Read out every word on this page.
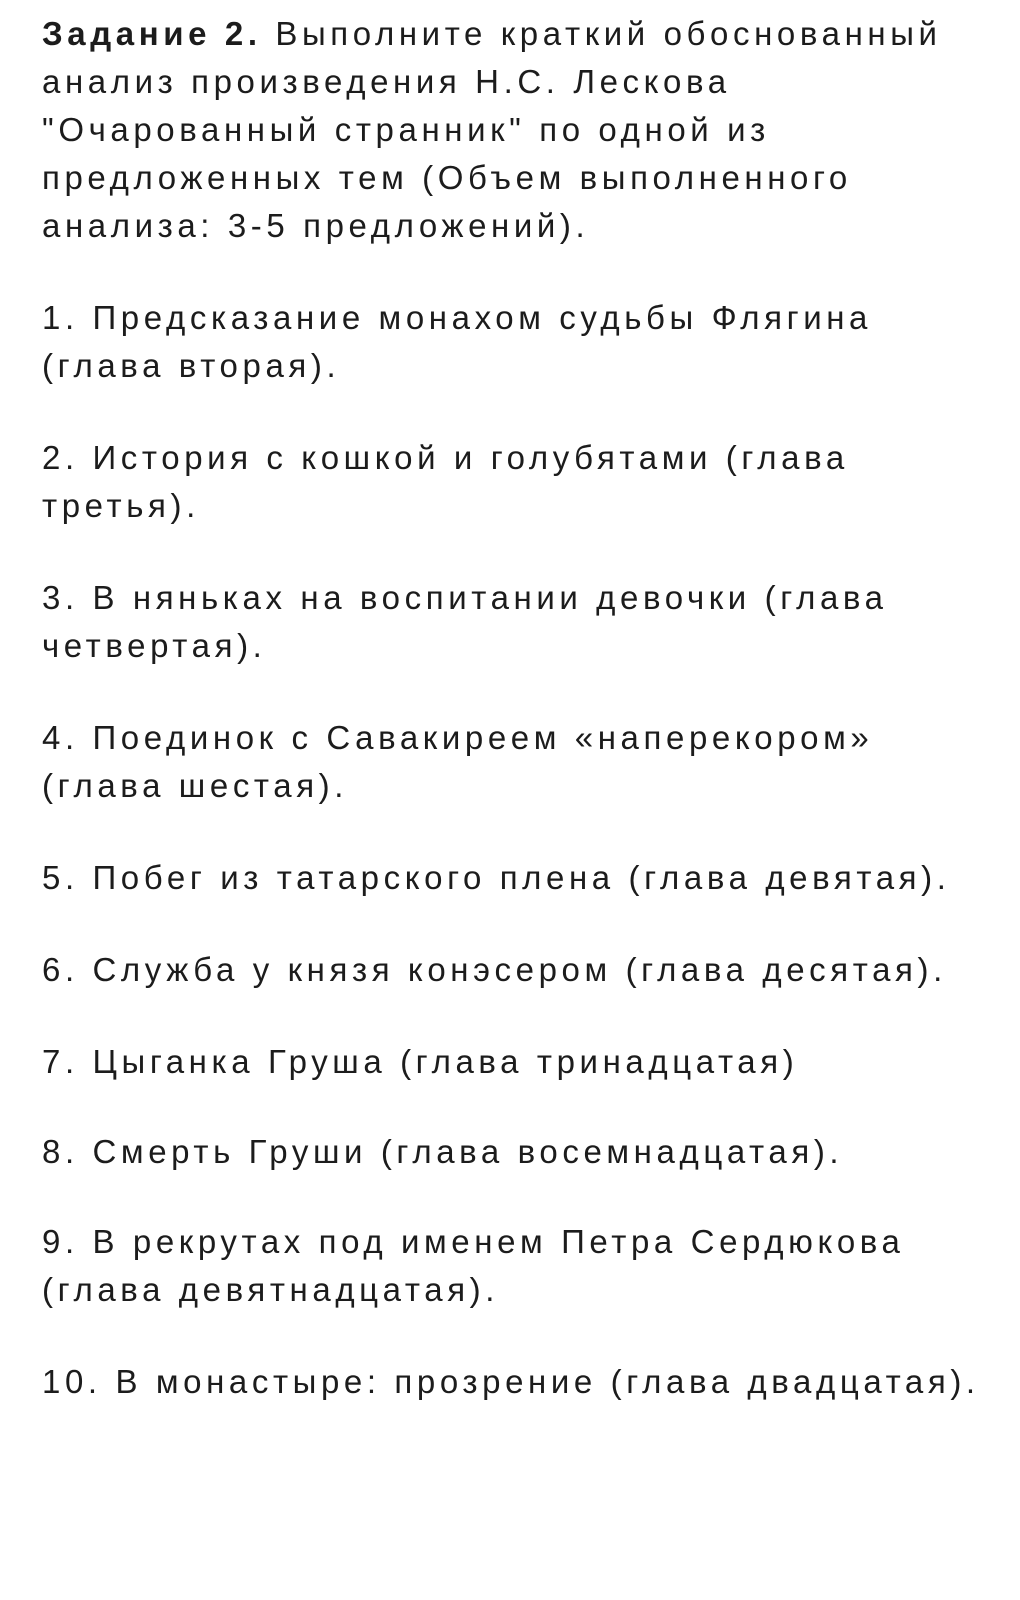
Задание 2. Выполните краткий обоснованный анализ произведения Н.С. Лескова "Очарованный странник" по одной из предложенных тем (Объем выполненного анализа: 3-5 предложений).

1. Предсказание монахом судьбы Флягина (глава вторая).

2. История с кошкой и голубятами (глава третья).

3. В няньках на воспитании девочки (глава четвертая).

4. Поединок с Савакиреем «наперекором» (глава шестая).

5. Побег из татарского плена (глава девятая).

6. Служба у князя конэсером (глава десятая).

7. Цыганка Груша (глава тринадцатая)

8. Смерть Груши (глава восемнадцатая).

9. В рекрутах под именем Петра Сердюкова (глава девятнадцатая).

10. В монастыре: прозрение (глава двадцатая).
